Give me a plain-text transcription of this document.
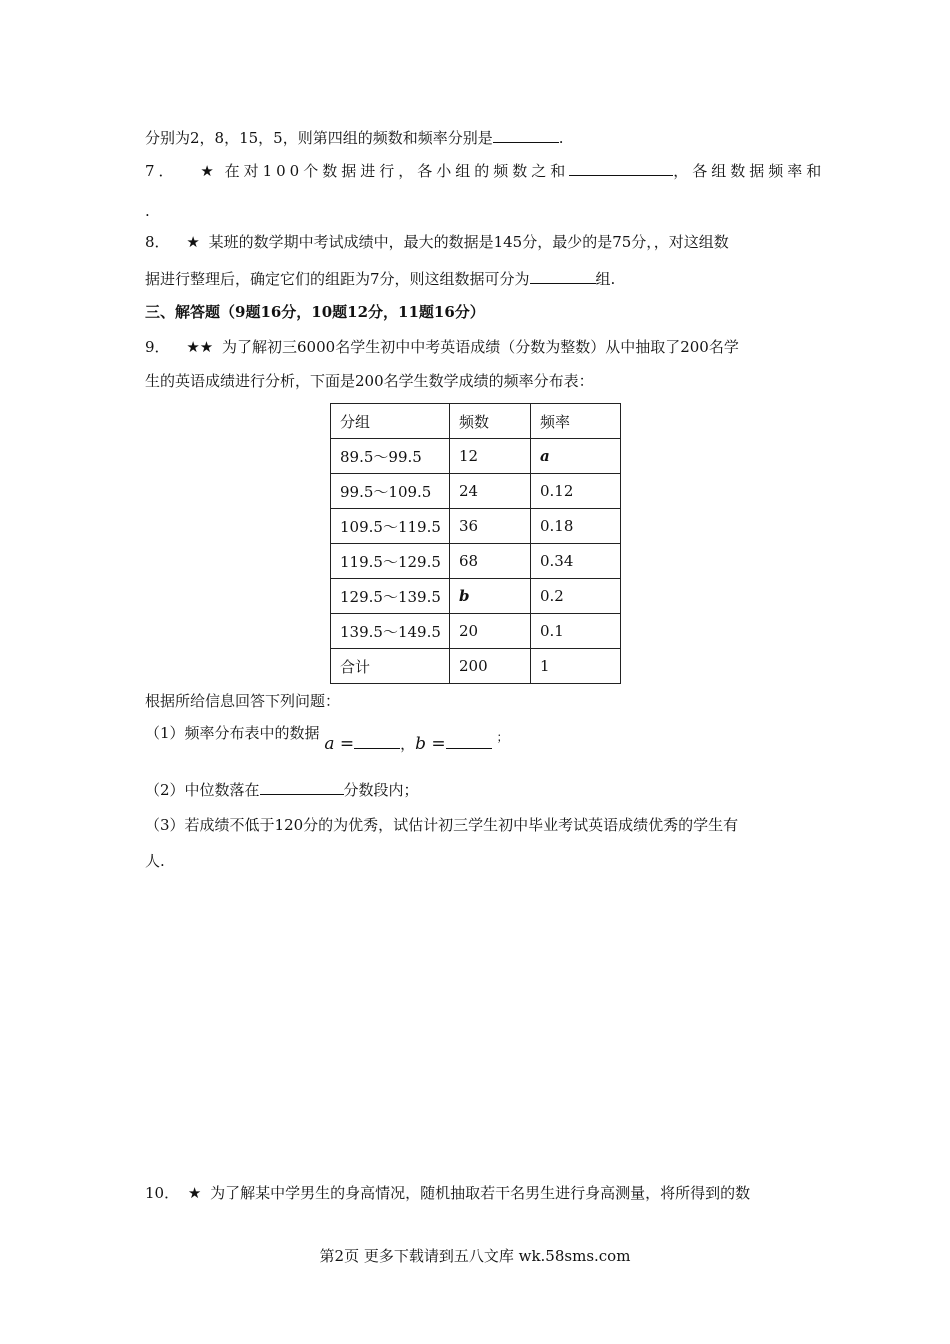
分别为2，8，15，5，则第四组的频数和频率分别是	.
7． ★ 在对100个数据进行，各小组的频数之和	，各组数据频率和
.
8． ★ 某班的数学期中考试成绩中，最大的数据是145分，最少的是75分，，对这组数
据进行整理后，确定它们的组距为7分，则这组数据可分为	组.
三、解答题（9题16分，10题12分，11题16分）
9． ★★ 为了解初三6000名学生初中中考英语成绩（分数为整数）从中抽取了200名学
生的英语成绩进行分析，下面是200名学生数学成绩的频率分布表：
分组	频数	频率
89.5～99.5	12	a
99.5～109.5	24	0.12
109.5～119.5	36	0.18
119.5～129.5	68	0.34
129.5～139.5	b	0.2
139.5～149.5	20	0.1
合计	200	1
根据所给信息回答下列问题：
（1）频率分布表中的数据 a =	，b =	$_;$
（2）中位数落在	分数段内；
（3）若成绩不低于120分的为优秀，试估计初三学生初中毕业考试英语成绩优秀的学生有
人.
10． ★ 为了解某中学男生的身高情况，随机抽取若干名男生进行身高测量，将所得到的数
第2页 更多下载请到五八文库 wk.58sms.com
